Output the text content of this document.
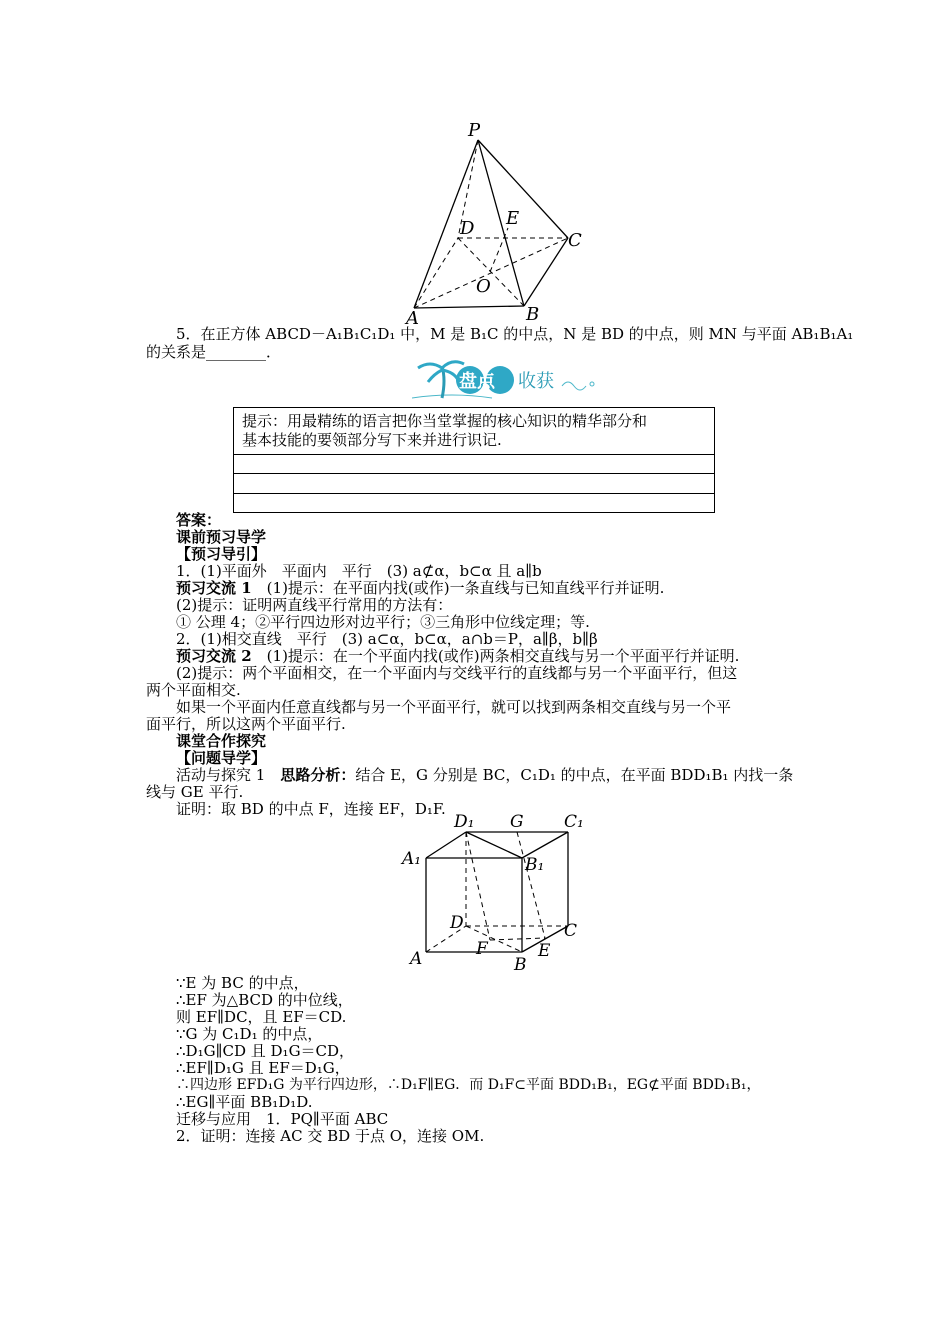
P
D E
C
O
A	B
5．在正方体 ABCD－A₁B₁C₁D₁ 中，M 是 B₁C 的中点，N 是 BD 的中点，则 MN 与平面 AB₁B₁A₁
的关系是________．
盘点 收获
提示：用最精练的语言把你当堂掌握的核心知识的精华部分和
基本技能的要领部分写下来并进行识记.
答案：
课前预习导学
【预习导引】
1．(1)平面外　平面内　平行　(3) a⊄α，b⊂α 且 a∥b
预习交流 1　(1)提示：在平面内找(或作)一条直线与已知直线平行并证明.
(2)提示：证明两直线平行常用的方法有：
① 公理 4；②平行四边形对边平行；③三角形中位线定理；等.
2．(1)相交直线　平行　(3) a⊂α，b⊂α，a∩b＝P，a∥β，b∥β
预习交流 2　(1)提示：在一个平面内找(或作)两条相交直线与另一个平面平行并证明.
(2)提示：两个平面相交，在一个平面内与交线平行的直线都与另一个平面平行，但这
两个平面相交.
如果一个平面内任意直线都与另一个平面平行，就可以找到两条相交直线与另一个平
面平行，所以这两个平面平行.
课堂合作探究
【问题导学】
活动与探究 1　思路分析：结合 E，G 分别是 BC，C₁D₁ 的中点，在平面 BDD₁B₁ 内找一条
线与 GE 平行.
证明：取 BD 的中点 F，连接 EF，D₁F.
D₁ G C₁
A₁	B₁
D	C
A	F	E
B
∵E 为 BC 的中点，
∴EF 为△BCD 的中位线，
则 EF∥DC，且 EF＝CD.
∵G 为 C₁D₁ 的中点，
∴D₁G∥CD 且 D₁G＝CD，
∴EF∥D₁G 且 EF＝D₁G，
∴四边形 EFD₁G 为平行四边形，∴D₁F∥EG．而 D₁F⊂平面 BDD₁B₁，EG⊄平面 BDD₁B₁，
∴EG∥平面 BB₁D₁D.
迁移与应用　1．PQ∥平面 ABC
2．证明：连接 AC 交 BD 于点 O，连接 OM.
